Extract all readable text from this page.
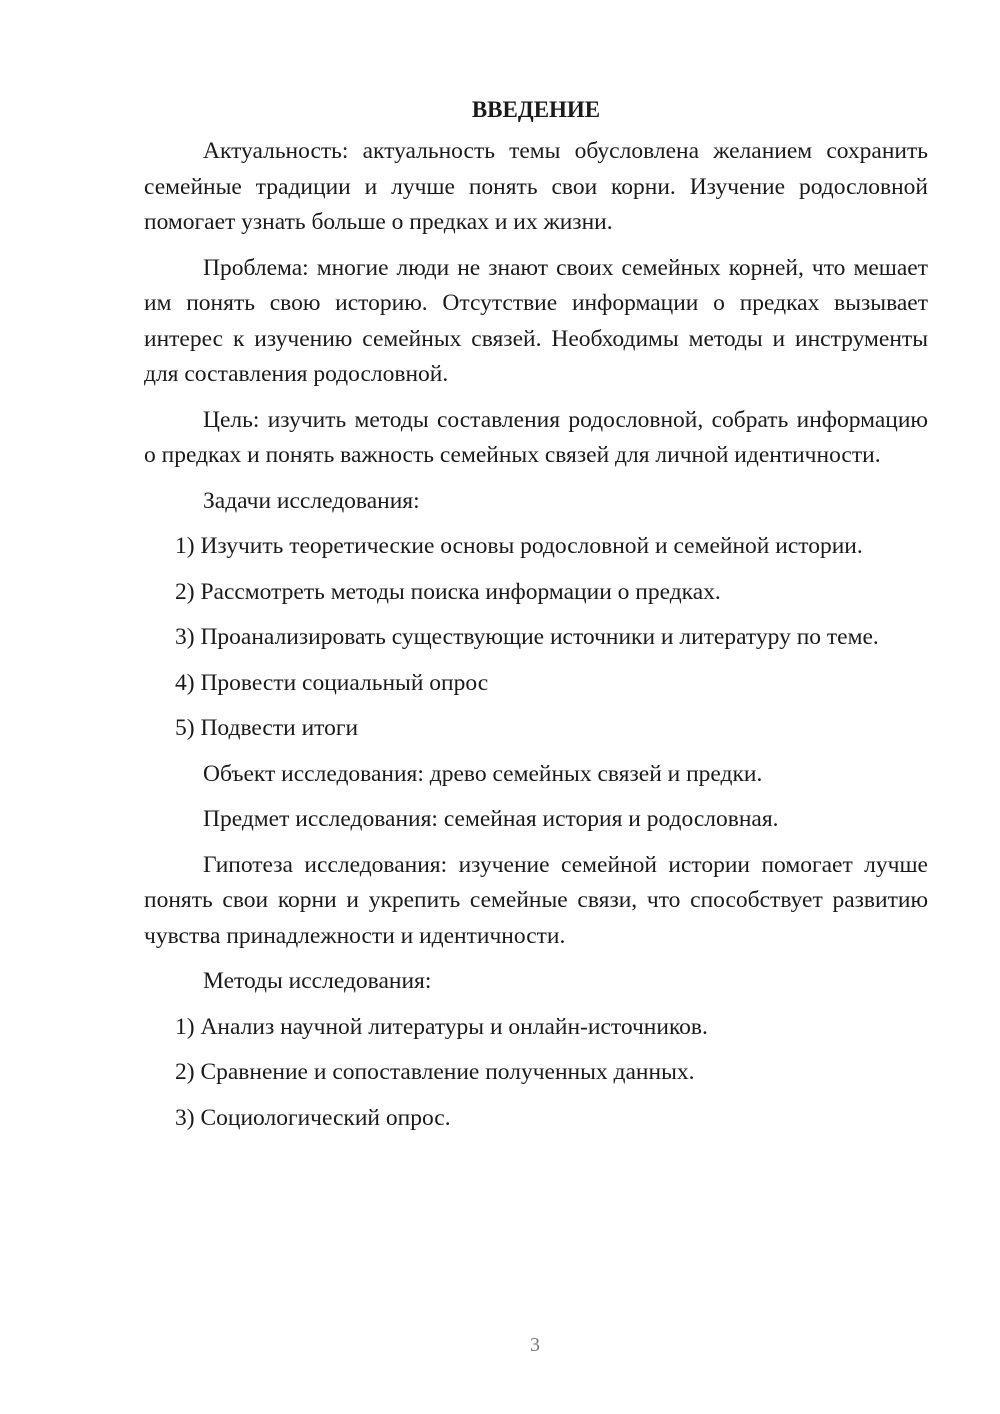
ВВЕДЕНИЕ

Актуальность: актуальность темы обусловлена желанием сохранить семейные традиции и лучше понять свои корни. Изучение родословной помогает узнать больше о предках и их жизни.

Проблема: многие люди не знают своих семейных корней, что мешает им понять свою историю. Отсутствие информации о предках вызывает интерес к изучению семейных связей. Необходимы методы и инструменты для составления родословной.

Цель: изучить методы составления родословной, собрать информацию о предках и понять важность семейных связей для личной идентичности.

Задачи исследования:

1) Изучить теоретические основы родословной и семейной истории.
2) Рассмотреть методы поиска информации о предках.
3) Проанализировать существующие источники и литературу по теме.
4) Провести социальный опрос
5) Подвести итоги

Объект исследования: древо семейных связей и предки.

Предмет исследования: семейная история и родословная.

Гипотеза исследования: изучение семейной истории помогает лучше понять свои корни и укрепить семейные связи, что способствует развитию чувства принадлежности и идентичности.

Методы исследования:

1) Анализ научной литературы и онлайн-источников.
2) Сравнение и сопоставление полученных данных.
3) Социологический опрос.
3
